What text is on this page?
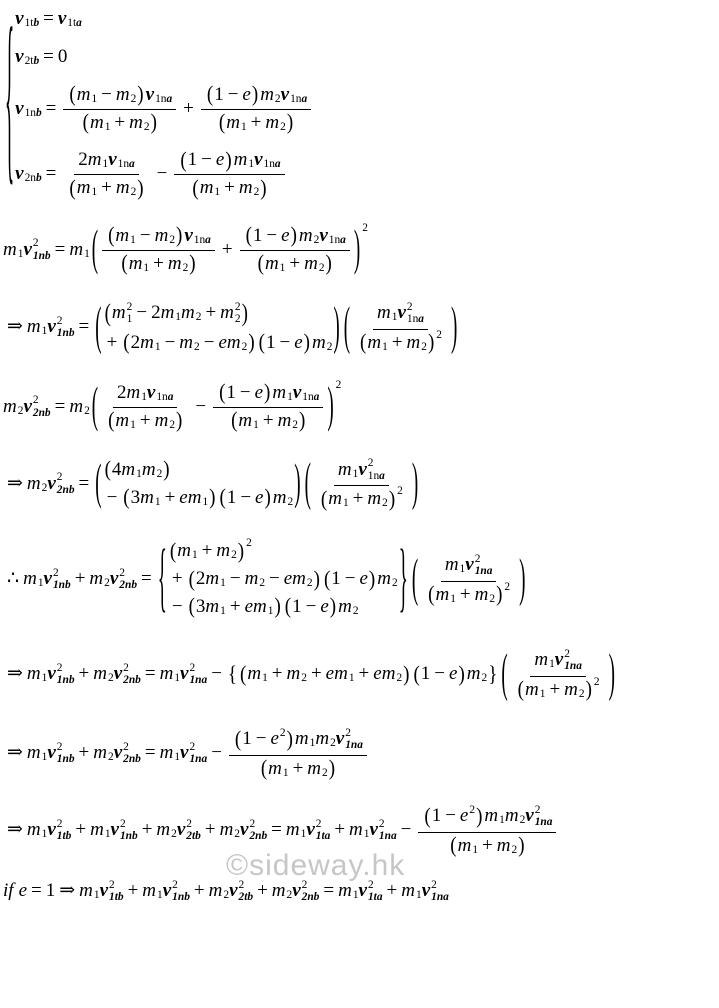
©sideway.hk
{ v 1tb = v 1ta
v 2tb = 0
v $1nb = \frac{( m 1 - m 2 ) v 1na}{( m 1 + m 2 )} + \frac{( 1 - e ) m 2 v 1na}{( m 1 + m 2 )}$
v $2nb = \frac{2 m 1 v 1na}{( m 1 + m 2 )} - \frac{( 1 - e ) m 1 v 1na}{( m 1 + m 2 )}$
m 1 v 2
1nb = m 1 ( $\frac{( m 1 - m 2 ) v 1na}{( m 1 + m 2 )} + \frac{( 1 - e ) m 2 v 1na}{( m 1 + m 2 )}$ ) 2
⇒ m 1 v 2
1nb = ( ( m 2
1 − 2 m 1 m 2 + m 2
2 )
+ ( 2 m 1 − m 2 − e m 2 ) ( 1 − e ) m 2 ) ( m 1 v 2
1na
( m 1 + m 2 ) 2 )
m 2 v 2
2nb = m 2 ( $\frac{2 m 1 v 1na}{( m 1 + m 2 )} - \frac{( 1 - e ) m 1 v 1na}{( m 1 + m 2 )}$ ) 2
⇒ m 2 v 2
2nb = ( ( 4 m 1 m 2 )
− ( 3 m 1 + e m 1 ) ( 1 − e ) m 2 ) ( m 1 v 2
1na
( m 1 + m 2 ) 2 )
∴ m 1 v 2
1nb + m 2 v 2
2nb = { ( m 1 + m 2 ) 2
+ ( 2 m 1 − m 2 − e m 2 ) ( 1 − e ) m 2
− ( 3 m 1 + e m 1 ) ( 1 − e ) m 2 } ( m 1 v 2
1na
( m 1 + m 2 ) 2 )
⇒ m 1 v 2
1nb + m 2 v 2
2nb = m 1 v 2
1na − { ( m 1 + m 2 + e m 1 + e m 2 ) ( 1 − e ) m 2 } ( m 1 v 2
1na
( m 1 + m 2 ) 2 )
⇒ m 1 v 2
1nb + m 2 v 2
2nb = m 1 v 2
1na − ( 1 − e 2 ) m 1 m 2 v 2
1na
( m 1 + m 2 )
⇒ m 1 v 2
1tb + m 1 v 2
1nb + m 2 v 2
2tb + m 2 v 2
2nb = m 1 v 2
1ta + m 1 v 2
1na − ( 1 − e 2 ) m 1 m 2 v 2
1na
( m 1 + m 2 )
if e = 1 ⇒ m 1 v 2
1tb + m 1 v 2
1nb + m 2 v 2
2tb + m 2 v 2
2nb = m 1 v 2
1ta + m 1 v 2
1na
